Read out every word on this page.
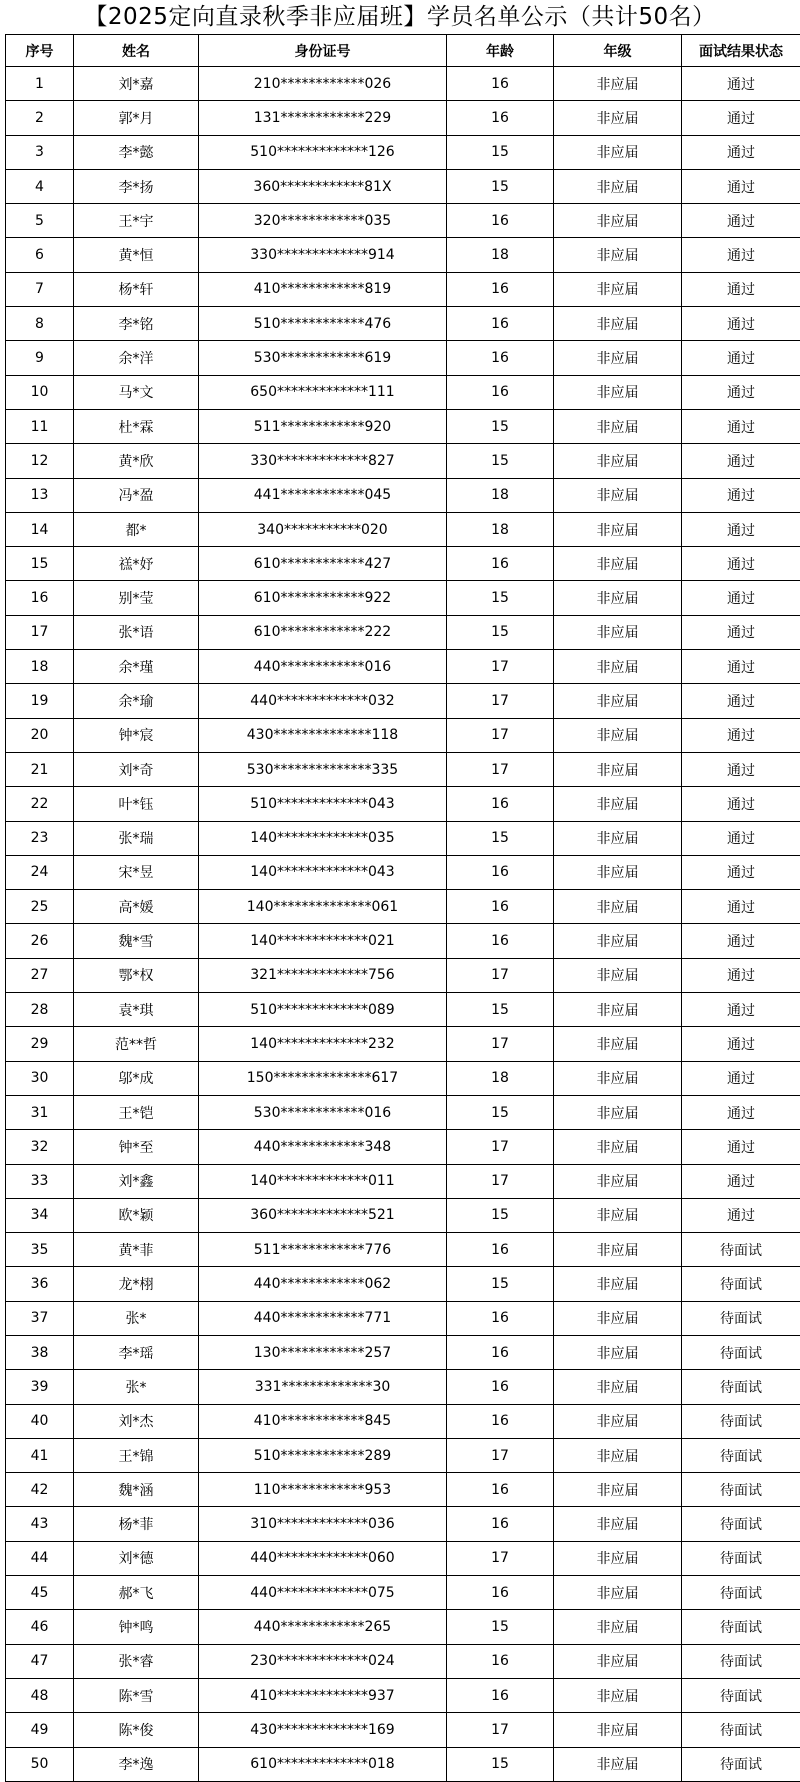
【2025定向直录秋季非应届班】学员名单公示（共计50名）
序号	姓名	身份证号	年龄	年级	面试结果状态
1	刘*嘉	210************026	16	非应届	通过
2	郭*月	131************229	16	非应届	通过
3	李*懿	510*************126	15	非应届	通过
4	李*扬	360************81X	15	非应届	通过
5	王*宇	320************035	16	非应届	通过
6	黄*恒	330*************914	18	非应届	通过
7	杨*轩	410************819	16	非应届	通过
8	李*铭	510************476	16	非应届	通过
9	余*洋	530************619	16	非应届	通过
10	马*文	650*************111	16	非应届	通过
11	杜*霖	511************920	15	非应届	通过
12	黄*欣	330*************827	15	非应届	通过
13	冯*盈	441************045	18	非应届	通过
14	都*	340***********020	18	非应届	通过
15	禚*妤	610************427	16	非应届	通过
16	别*莹	610************922	15	非应届	通过
17	张*语	610************222	15	非应届	通过
18	余*瑾	440************016	17	非应届	通过
19	余*瑜	440*************032	17	非应届	通过
20	钟*宸	430**************118	17	非应届	通过
21	刘*奇	530**************335	17	非应届	通过
22	叶*钰	510*************043	16	非应届	通过
23	张*瑞	140*************035	15	非应届	通过
24	宋*昱	140*************043	16	非应届	通过
25	高*媛	140**************061	16	非应届	通过
26	魏*雪	140*************021	16	非应届	通过
27	鄂*权	321*************756	17	非应届	通过
28	袁*琪	510*************089	15	非应届	通过
29	范**哲	140*************232	17	非应届	通过
30	邬*成	150**************617	18	非应届	通过
31	王*铠	530************016	15	非应届	通过
32	钟*至	440************348	17	非应届	通过
33	刘*鑫	140*************011	17	非应届	通过
34	欧*颖	360*************521	15	非应届	通过
35	黄*菲	511************776	16	非应届	待面试
36	龙*栩	440************062	15	非应届	待面试
37	张*	440************771	16	非应届	待面试
38	李*瑶	130************257	16	非应届	待面试
39	张*	331*************30	16	非应届	待面试
40	刘*杰	410************845	16	非应届	待面试
41	王*锦	510************289	17	非应届	待面试
42	魏*涵	110************953	16	非应届	待面试
43	杨*菲	310*************036	16	非应届	待面试
44	刘*德	440*************060	17	非应届	待面试
45	郝*飞	440*************075	16	非应届	待面试
46	钟*鸣	440************265	15	非应届	待面试
47	张*睿	230*************024	16	非应届	待面试
48	陈*雪	410*************937	16	非应届	待面试
49	陈*俊	430*************169	17	非应届	待面试
50	李*逸	610*************018	15	非应届	待面试
